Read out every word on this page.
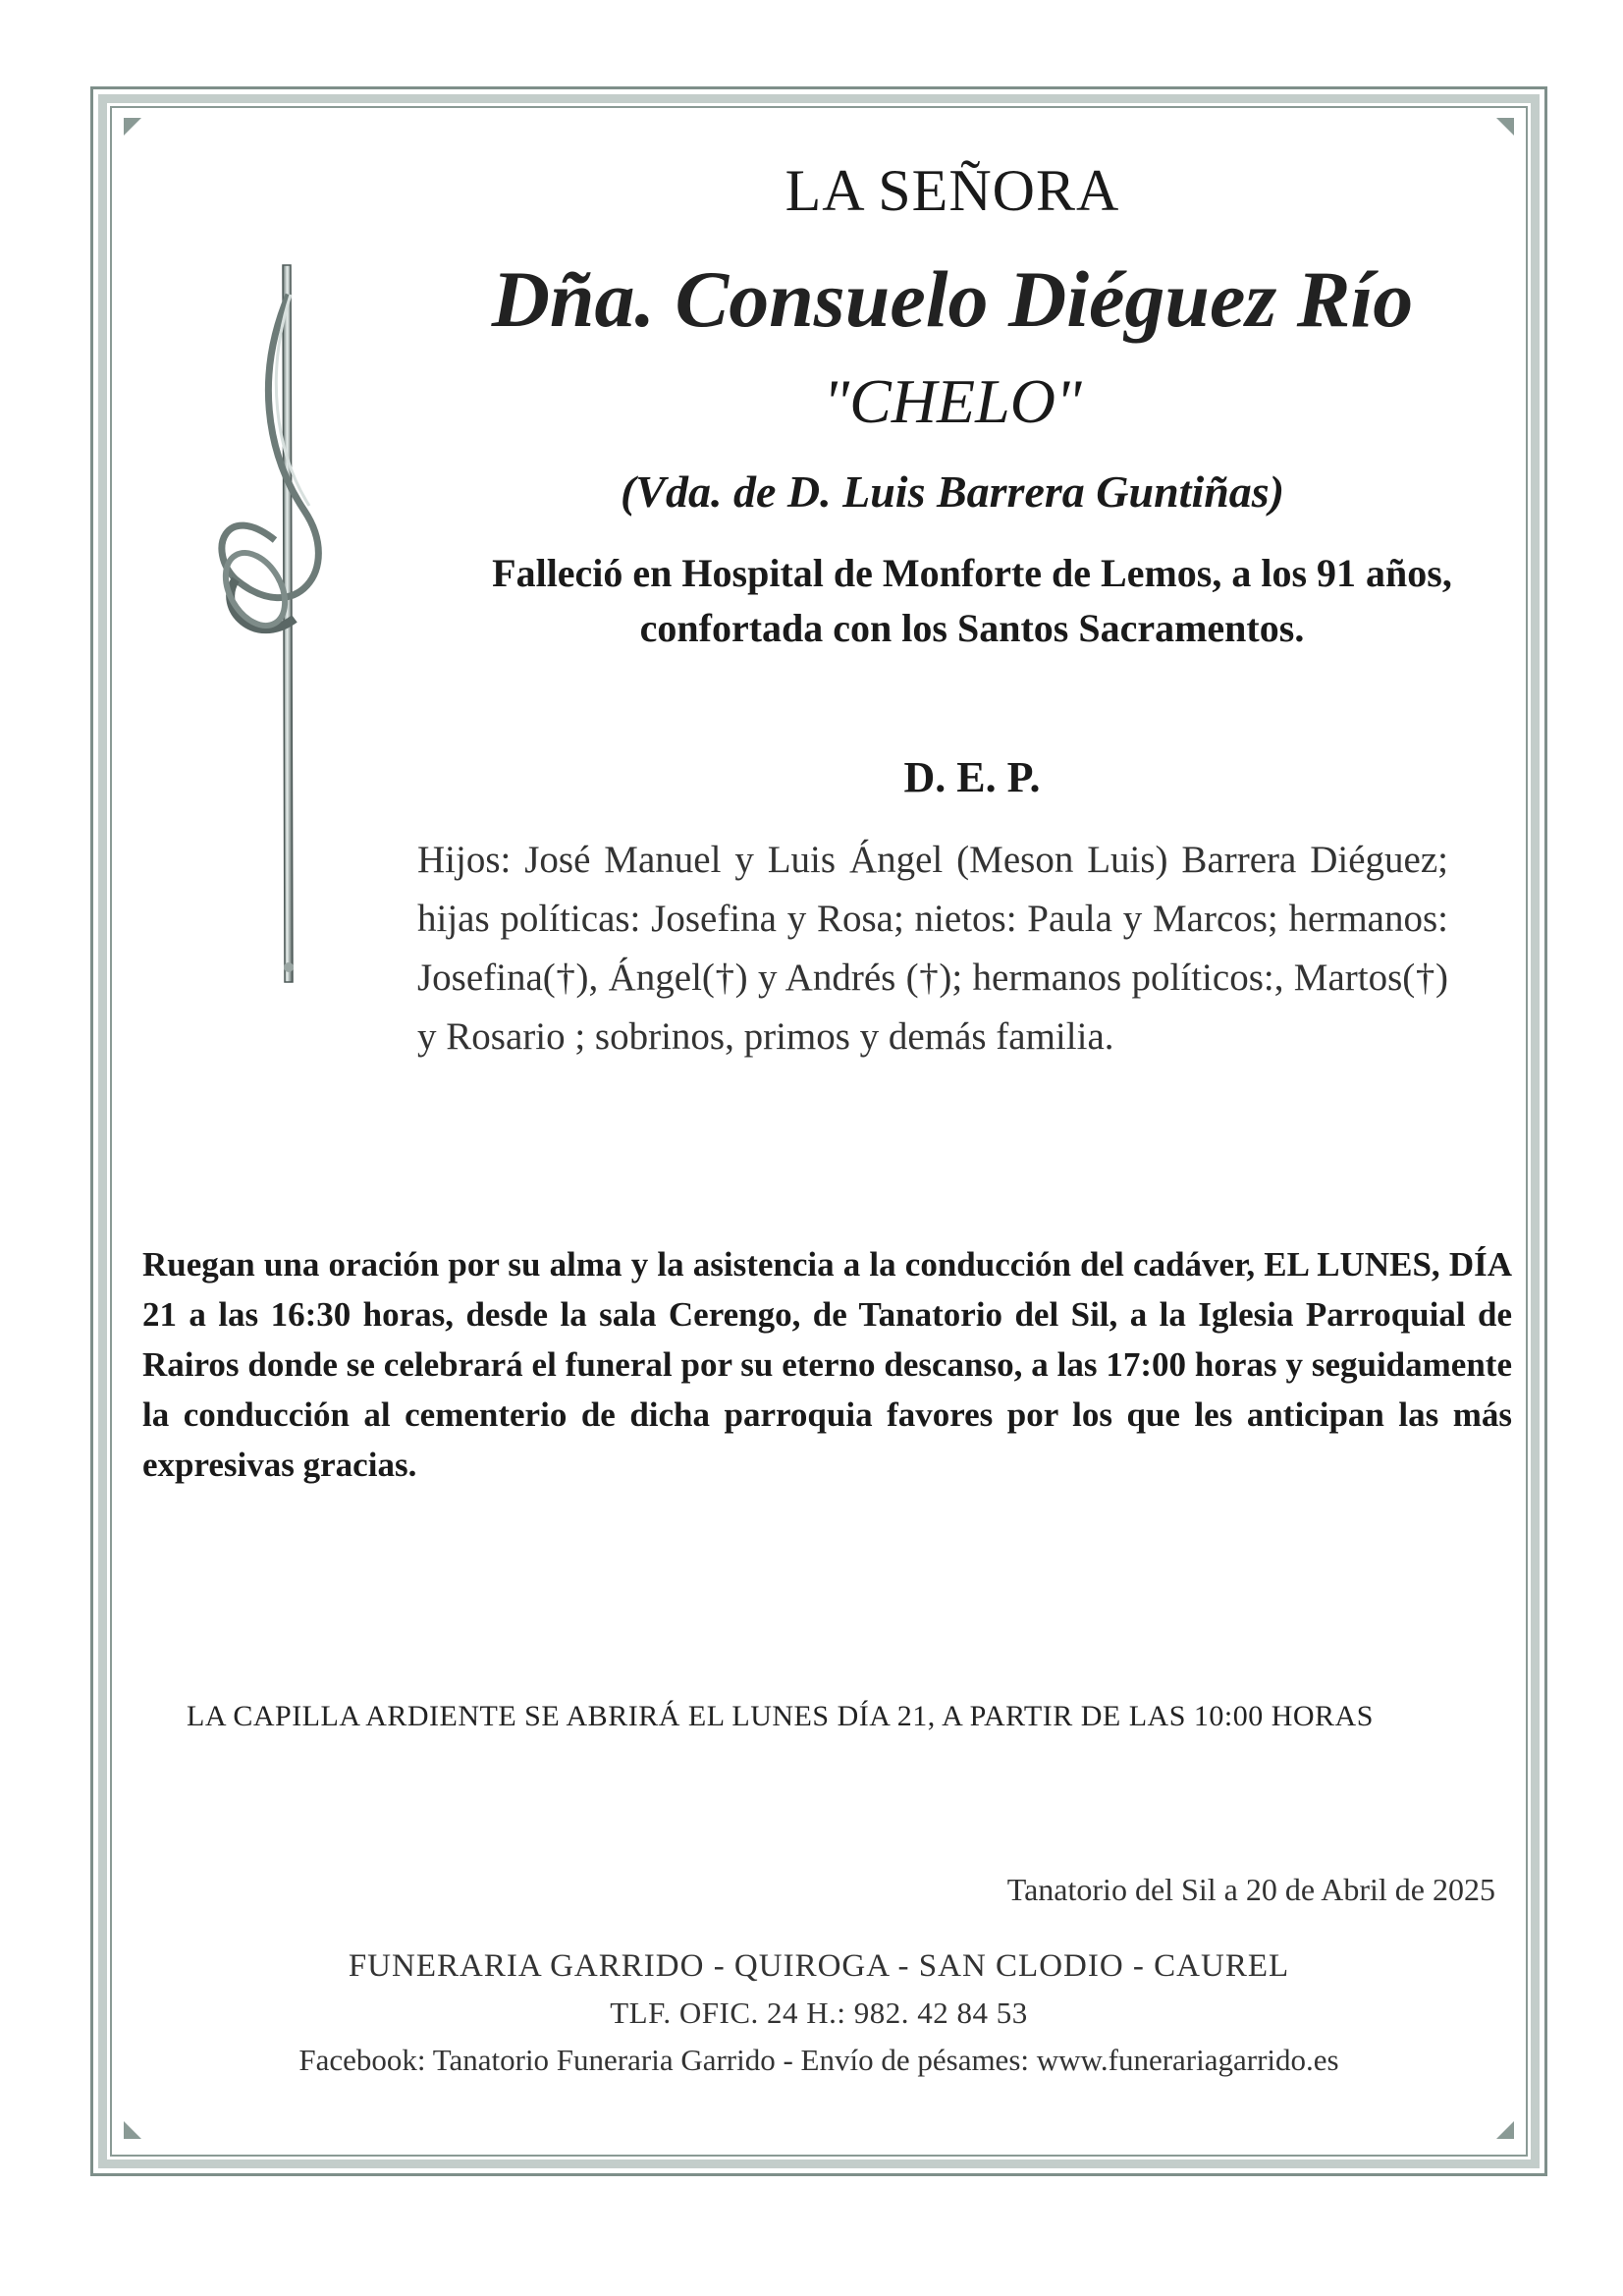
LA SEÑORA
Dña. Consuelo Diéguez Río
"CHELO"
(Vda. de D. Luis Barrera Guntiñas)
Falleció en Hospital de Monforte de Lemos, a los 91 años,
confortada con los Santos Sacramentos.
D. E. P.
Hijos: José Manuel y Luis Ángel (Meson Luis) Barrera Diéguez; hijas políticas: Josefina y Rosa; nietos: Paula y Marcos; hermanos: Josefina(†), Ángel(†) y Andrés (†); hermanos políticos:, Martos(†) y Rosario ; sobrinos, primos y demás familia.
Ruegan una oración por su alma y la asistencia a la conducción del cadáver, EL LUNES, DÍA 21 a las 16:30 horas, desde la sala Cerengo, de Tanatorio del Sil, a la Iglesia Parroquial de Rairos donde se celebrará el funeral por su eterno descanso, a las 17:00 horas y seguidamente la conducción al cementerio de dicha parroquia favores por los que les anticipan las más expresivas gracias.
LA CAPILLA ARDIENTE SE ABRIRÁ EL LUNES DÍA 21, A PARTIR DE LAS 10:00 HORAS
Tanatorio del Sil a 20 de Abril de 2025
FUNERARIA GARRIDO - QUIROGA - SAN CLODIO - CAUREL
TLF. OFIC. 24 H.: 982. 42 84 53
Facebook: Tanatorio Funeraria Garrido - Envío de pésames: www.funerariagarrido.es
